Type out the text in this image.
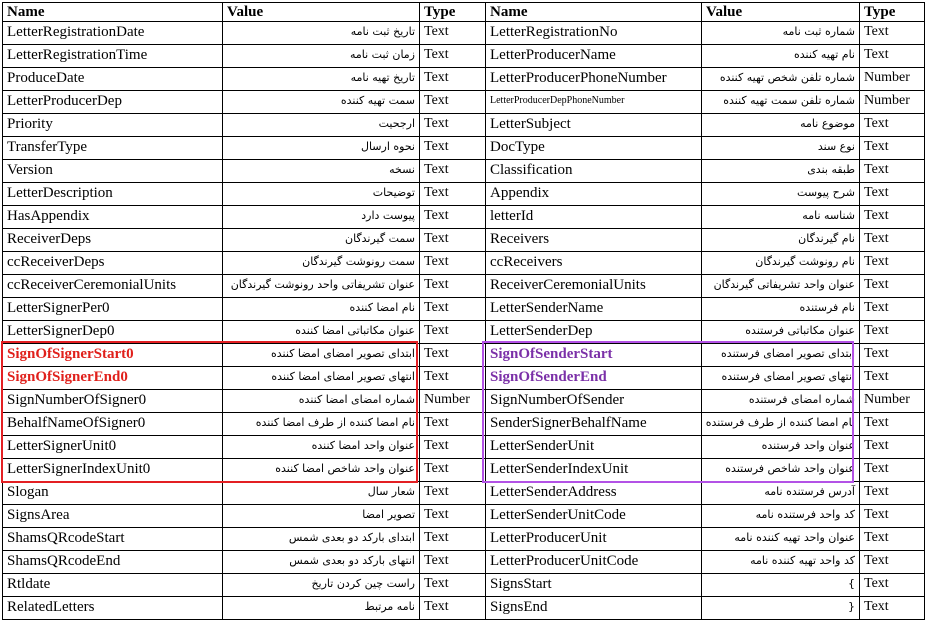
Name	Value	Type	Name	Value	Type
LetterRegistrationDate	تاریخ ثبت نامه	Text	LetterRegistrationNo	شماره ثبت نامه	Text
LetterRegistrationTime	زمان ثبت نامه	Text	LetterProducerName	نام تهیه کننده	Text
ProduceDate	تاریخ تهیه نامه	Text	LetterProducerPhoneNumber	شماره تلفن شخص تهیه کننده	Number
LetterProducerDep	سمت تهیه کننده	Text	LetterProducerDepPhoneNumber	شماره تلفن سمت تهیه کننده	Number
Priority	ارجحیت	Text	LetterSubject	موضوع نامه	Text
TransferType	نحوه ارسال	Text	DocType	نوع سند	Text
Version	نسخه	Text	Classification	طبقه بندی	Text
LetterDescription	توضیحات	Text	Appendix	شرح پیوست	Text
HasAppendix	پیوست دارد	Text	letterId	شناسه نامه	Text
ReceiverDeps	سمت گیرندگان	Text	Receivers	نام گیرندگان	Text
ccReceiverDeps	سمت رونوشت گیرندگان	Text	ccReceivers	نام رونوشت گیرندگان	Text
ccReceiverCeremonialUnits	عنوان تشریفاتی واحد رونوشت گیرندگان	Text	ReceiverCeremonialUnits	عنوان واحد تشریفاتی گیرندگان	Text
LetterSignerPer0	نام امضا کننده	Text	LetterSenderName	نام فرستنده	Text
LetterSignerDep0	عنوان مکاتباتی امضا کننده	Text	LetterSenderDep	عنوان مکاتباتی فرستنده	Text
SignOfSignerStart0	ابتدای تصویر امضای امضا کننده	Text	SignOfSenderStart	ابتدای تصویر امضای فرستنده	Text
SignOfSignerEnd0	انتهای تصویر امضای امضا کننده	Text	SignOfSenderEnd	انتهای تصویر امضای فرستنده	Text
SignNumberOfSigner0	شماره امضای امضا کننده	Number	SignNumberOfSender	شماره امضای فرستنده	Number
BehalfNameOfSigner0	نام امضا کننده از طرف امضا کننده	Text	SenderSignerBehalfName	نام امضا کننده از طرف فرستنده	Text
LetterSignerUnit0	عنوان واحد امضا کننده	Text	LetterSenderUnit	عنوان واحد فرستنده	Text
LetterSignerIndexUnit0	عنوان واحد شاخص امضا کننده	Text	LetterSenderIndexUnit	عنوان واحد شاخص فرستنده	Text
Slogan	شعار سال	Text	LetterSenderAddress	آدرس فرستنده نامه	Text
SignsArea	تصویر امضا	Text	LetterSenderUnitCode	کد واحد فرستنده نامه	Text
ShamsQRcodeStart	ابتدای بارکد دو بعدی شمس	Text	LetterProducerUnit	عنوان واحد تهیه کننده نامه	Text
ShamsQRcodeEnd	انتهای بارکد دو بعدی شمس	Text	LetterProducerUnitCode	کد واحد تهیه کننده نامه	Text
Rtldate	راست چین کردن تاریخ	Text	SignsStart	}	Text
RelatedLetters	نامه مرتبط	Text	SignsEnd	{	Text
